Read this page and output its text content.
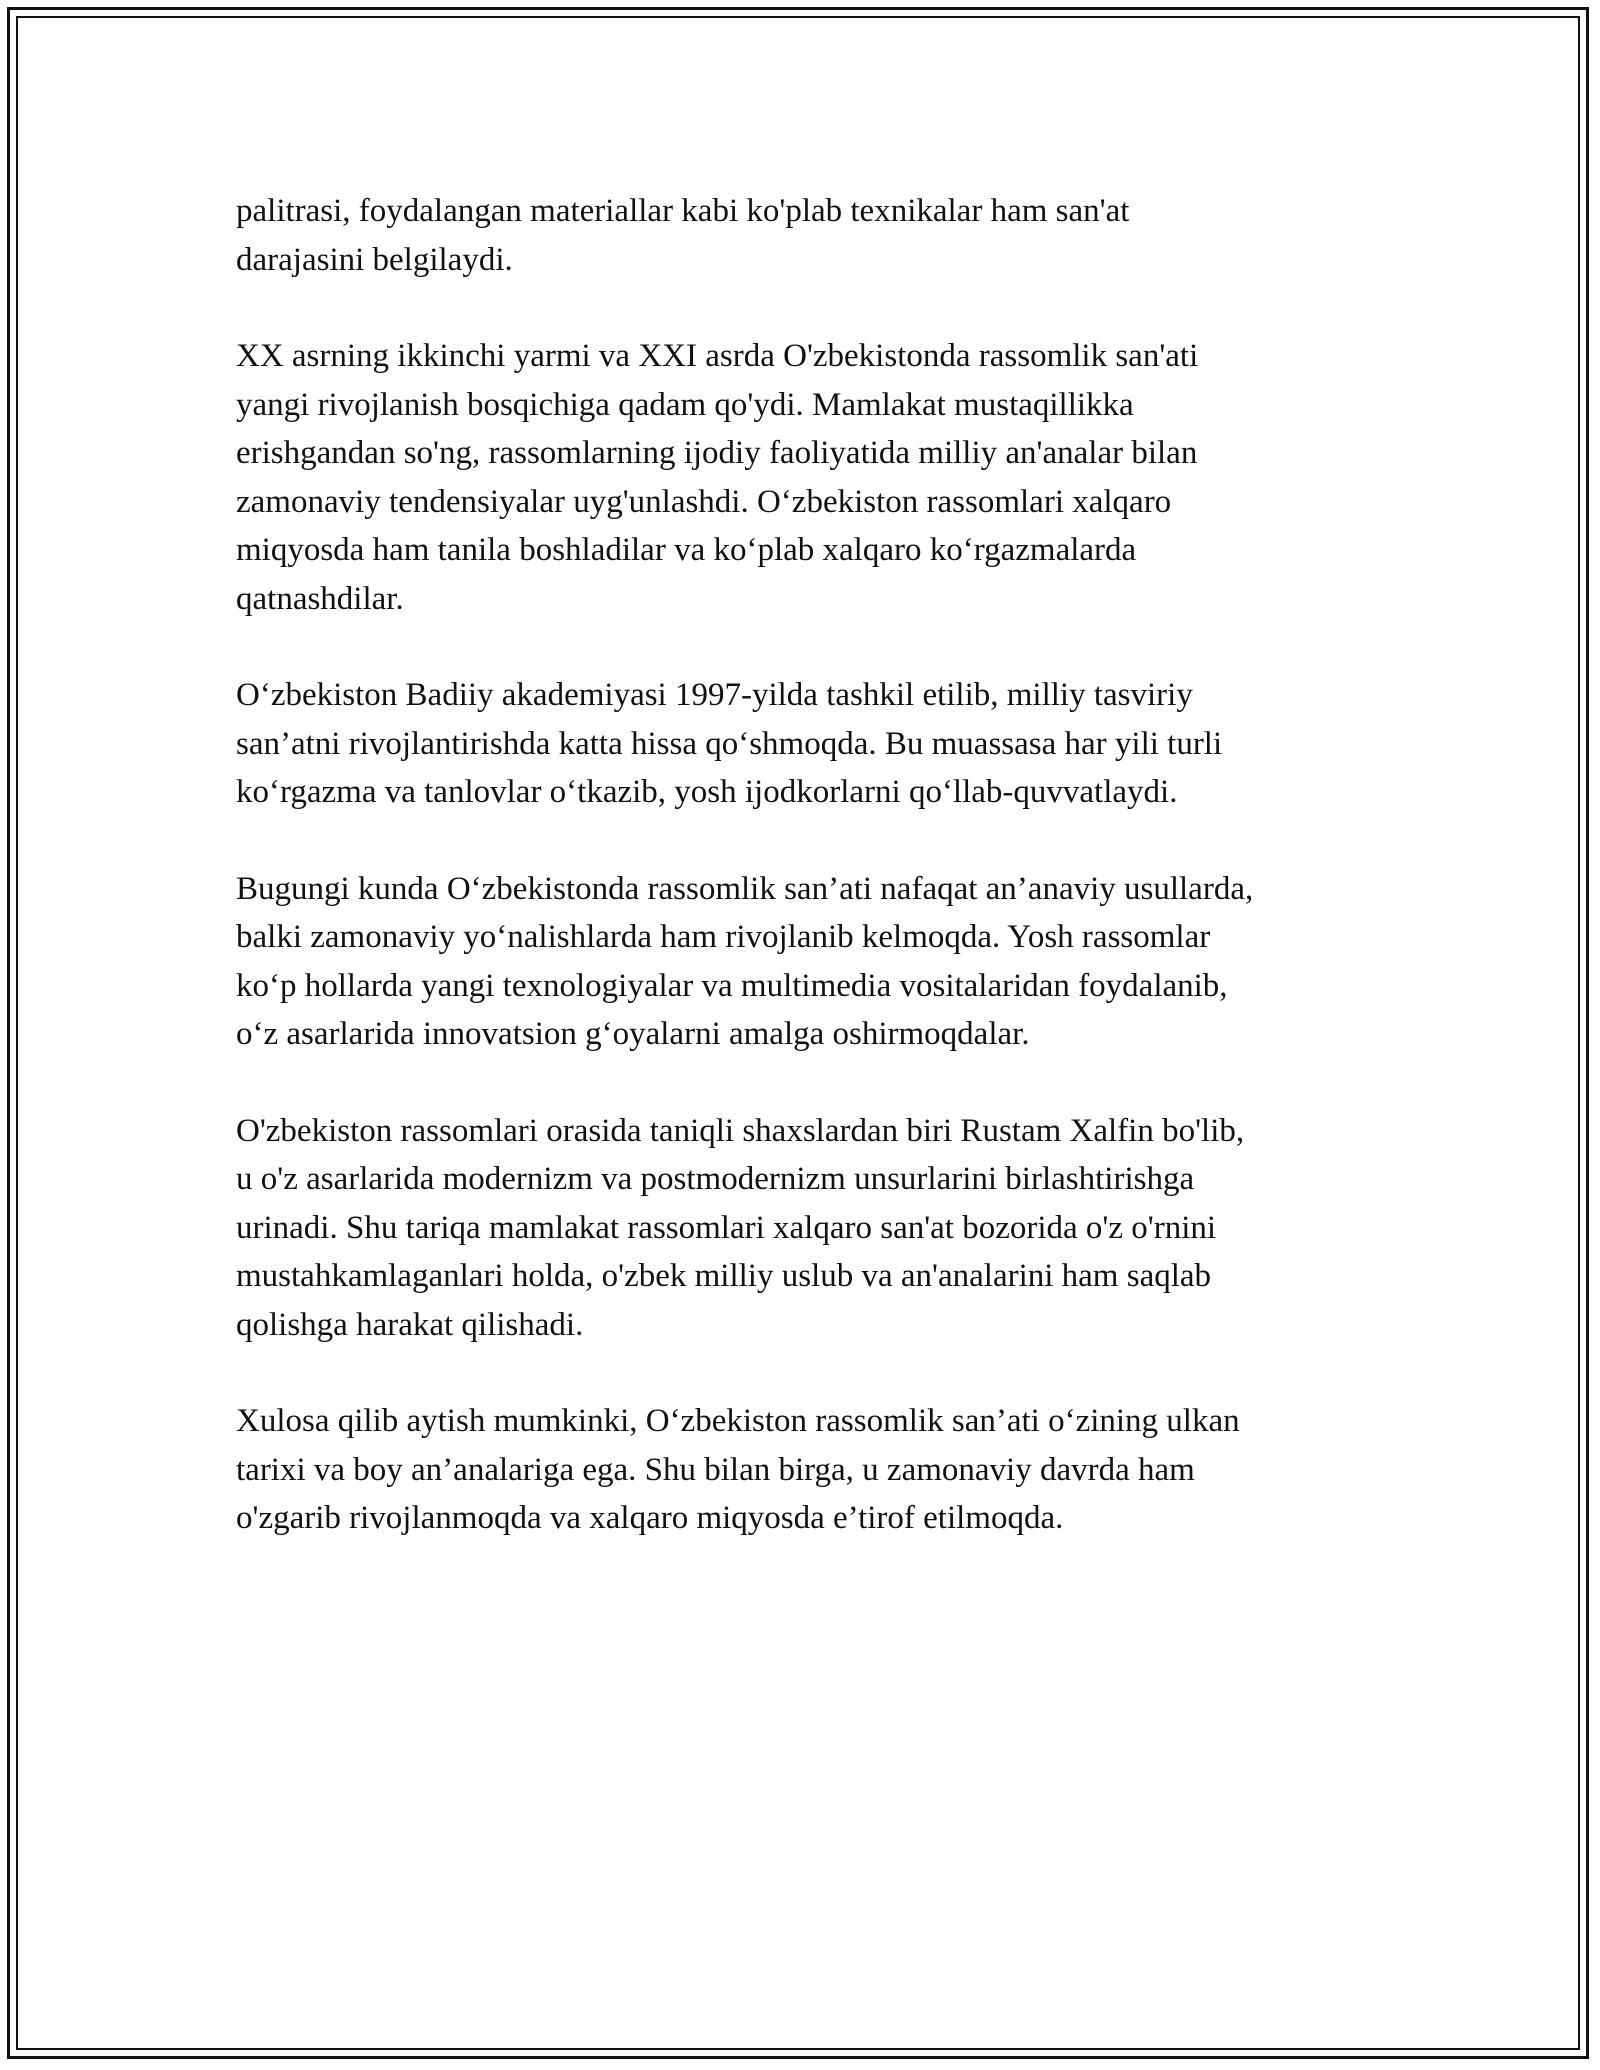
palitrasi, foydalangan materiallar kabi ko'plab texnikalar ham san'at
darajasini belgilaydi.

XX asrning ikkinchi yarmi va XXI asrda O'zbekistonda rassomlik san'ati
yangi rivojlanish bosqichiga qadam qo'ydi. Mamlakat mustaqillikka
erishgandan so'ng, rassomlarning ijodiy faoliyatida milliy an'analar bilan
zamonaviy tendensiyalar uyg'unlashdi. O‘zbekiston rassomlari xalqaro
miqyosda ham tanila boshladilar va ko‘plab xalqaro ko‘rgazmalarda
qatnashdilar.

O‘zbekiston Badiiy akademiyasi 1997-yilda tashkil etilib, milliy tasviriy
san’atni rivojlantirishda katta hissa qo‘shmoqda. Bu muassasa har yili turli
ko‘rgazma va tanlovlar o‘tkazib, yosh ijodkorlarni qo‘llab-quvvatlaydi.

Bugungi kunda O‘zbekistonda rassomlik san’ati nafaqat an’anaviy usullarda,
balki zamonaviy yo‘nalishlarda ham rivojlanib kelmoqda. Yosh rassomlar
ko‘p hollarda yangi texnologiyalar va multimedia vositalaridan foydalanib,
o‘z asarlarida innovatsion g‘oyalarni amalga oshirmoqdalar.

O'zbekiston rassomlari orasida taniqli shaxslardan biri Rustam Xalfin bo'lib,
u o'z asarlarida modernizm va postmodernizm unsurlarini birlashtirishga
urinadi. Shu tariqa mamlakat rassomlari xalqaro san'at bozorida o'z o'rnini
mustahkamlaganlari holda, o'zbek milliy uslub va an'analarini ham saqlab
qolishga harakat qilishadi.

Xulosa qilib aytish mumkinki, O‘zbekiston rassomlik san’ati o‘zining ulkan
tarixi va boy an’analariga ega. Shu bilan birga, u zamonaviy davrda ham
o'zgarib rivojlanmoqda va xalqaro miqyosda e’tirof etilmoqda.
